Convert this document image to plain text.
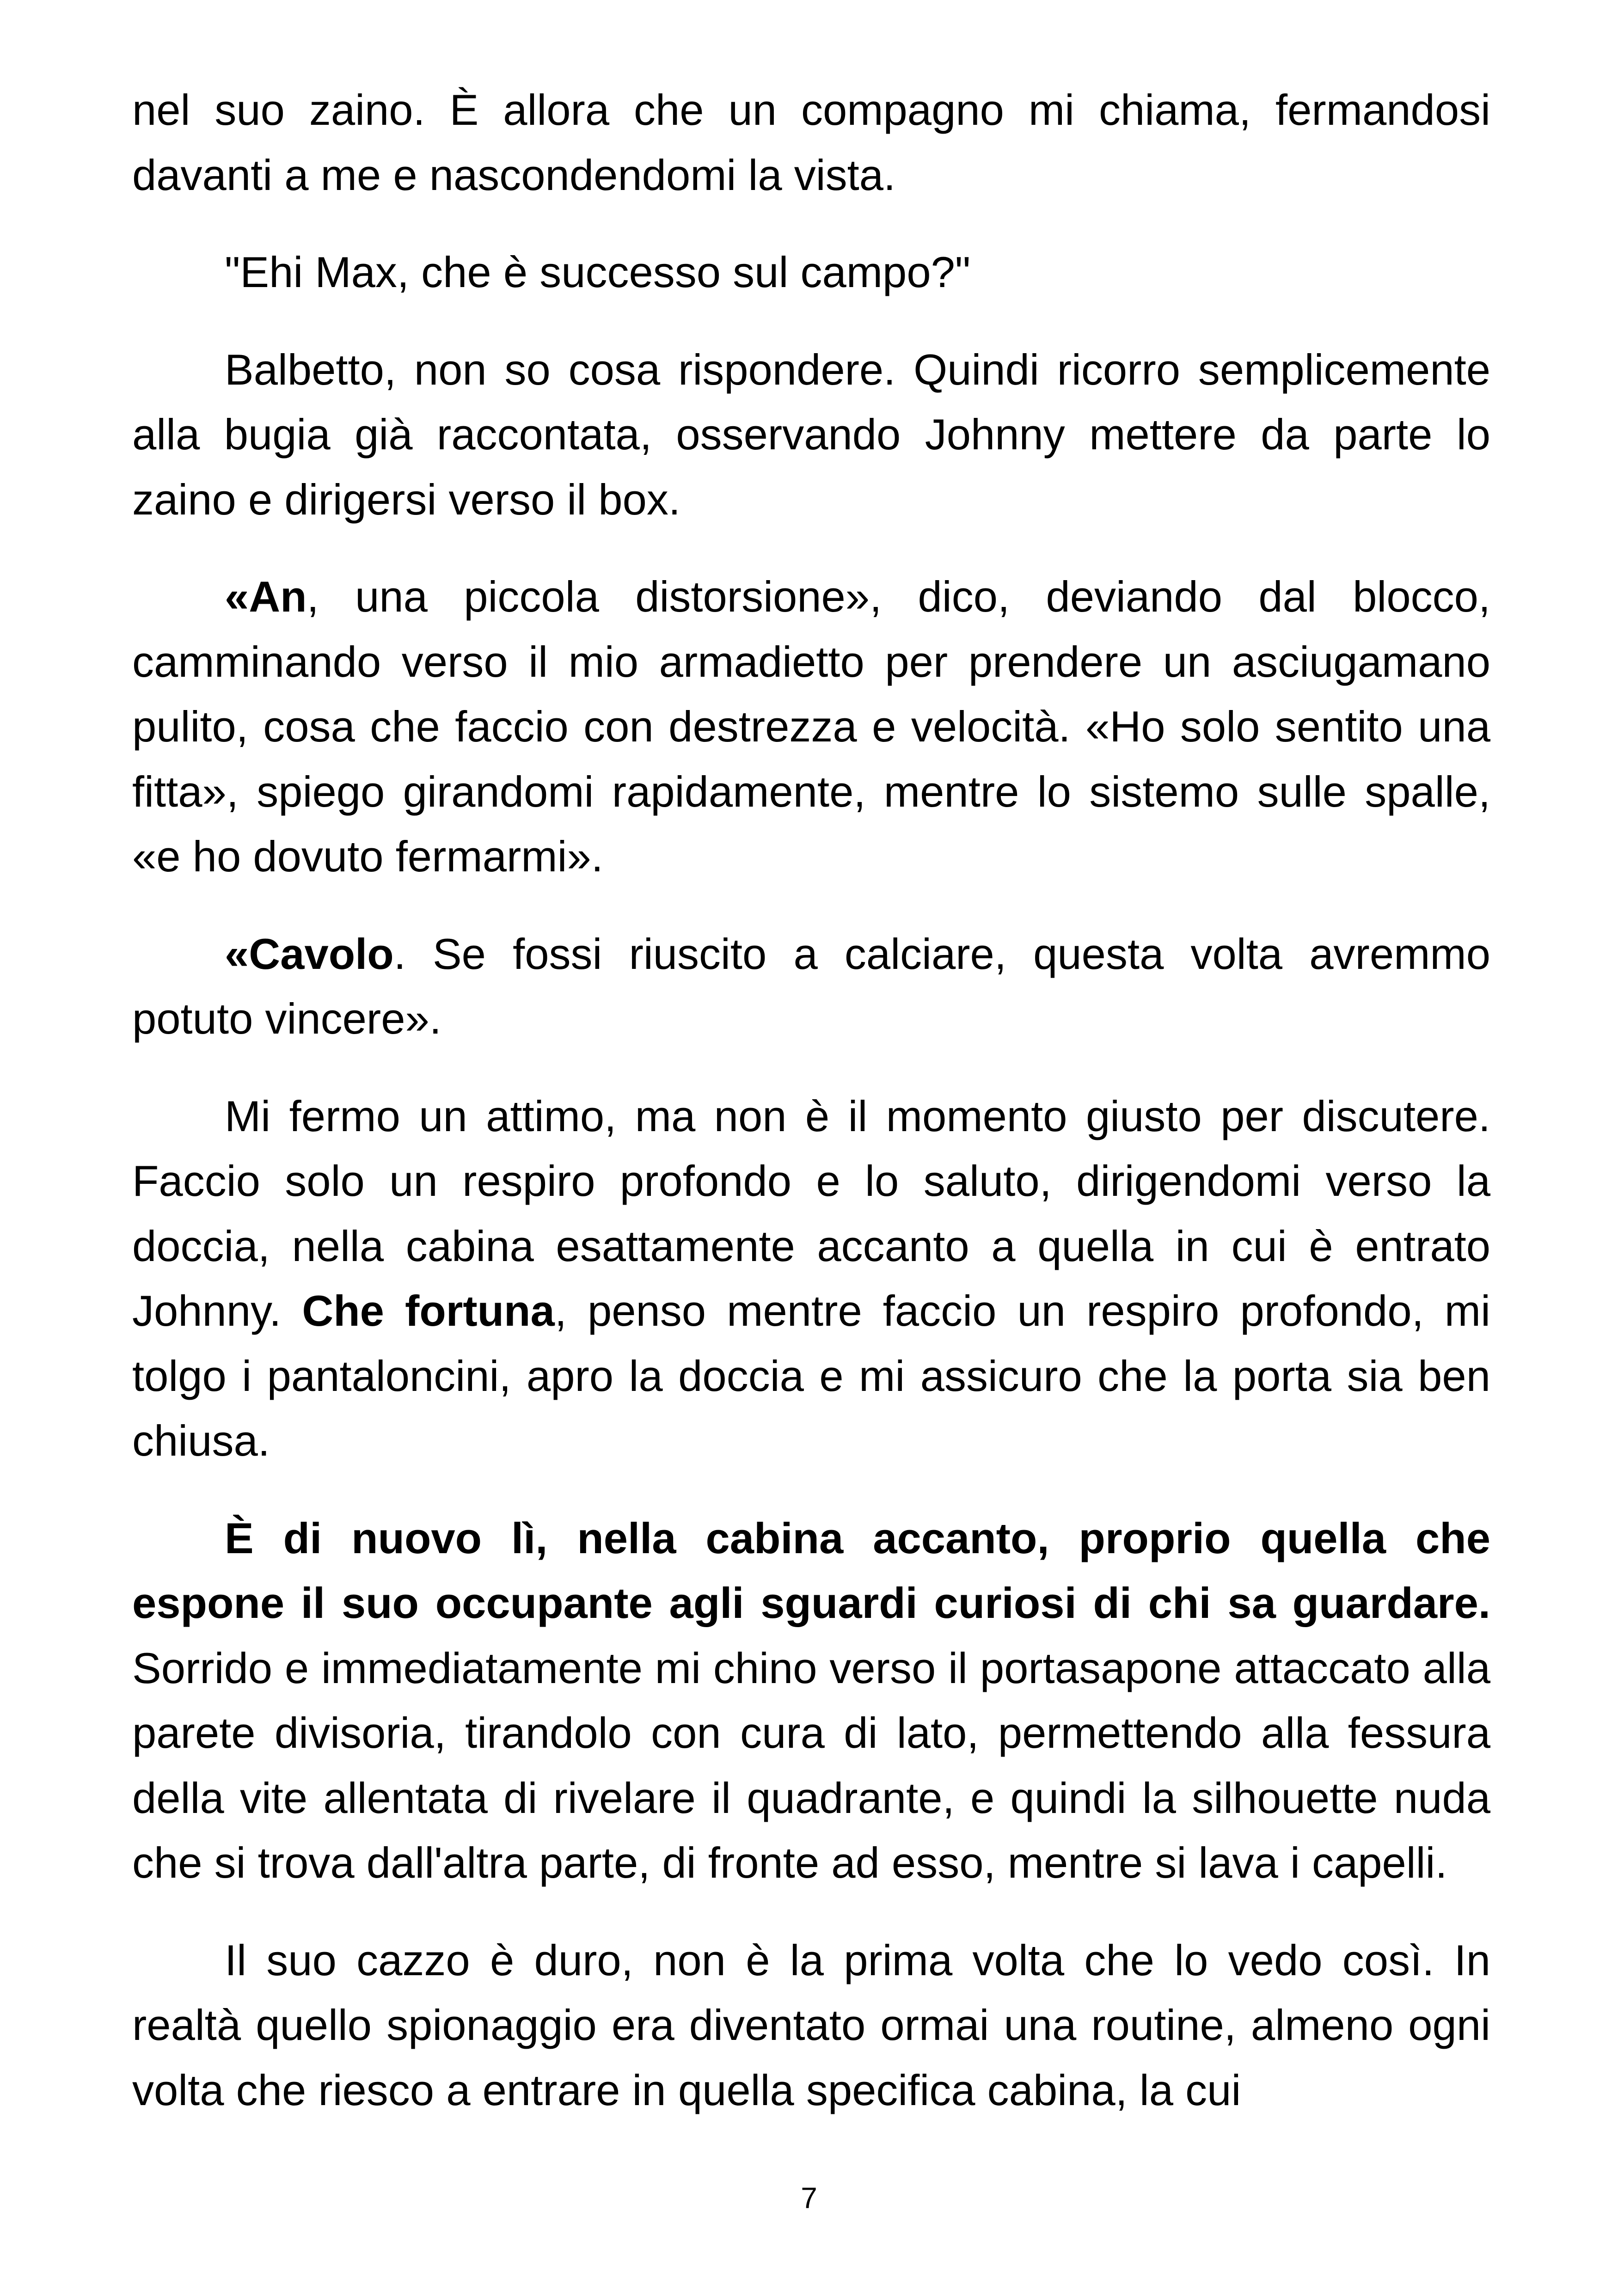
nel suo zaino. È allora che un compagno mi chiama, fermandosi davanti a me e nascondendomi la vista.

"Ehi Max, che è successo sul campo?"

Balbetto, non so cosa rispondere. Quindi ricorro semplicemente alla bugia già raccontata, osservando Johnny mettere da parte lo zaino e dirigersi verso il box.

«An, una piccola distorsione», dico, deviando dal blocco, camminando verso il mio armadietto per prendere un asciugamano pulito, cosa che faccio con destrezza e velocità. «Ho solo sentito una fitta», spiego girandomi rapidamente, mentre lo sistemo sulle spalle, «e ho dovuto fermarmi».

«Cavolo. Se fossi riuscito a calciare, questa volta avremmo potuto vincere».

Mi fermo un attimo, ma non è il momento giusto per discutere. Faccio solo un respiro profondo e lo saluto, dirigendomi verso la doccia, nella cabina esattamente accanto a quella in cui è entrato Johnny. Che fortuna, penso mentre faccio un respiro profondo, mi tolgo i pantaloncini, apro la doccia e mi assicuro che la porta sia ben chiusa.

È di nuovo lì, nella cabina accanto, proprio quella che espone il suo occupante agli sguardi curiosi di chi sa guardare. Sorrido e immediatamente mi chino verso il portasapone attaccato alla parete divisoria, tirandolo con cura di lato, permettendo alla fessura della vite allentata di rivelare il quadrante, e quindi la silhouette nuda che si trova dall'altra parte, di fronte ad esso, mentre si lava i capelli.

Il suo cazzo è duro, non è la prima volta che lo vedo così. In realtà quello spionaggio era diventato ormai una routine, almeno ogni volta che riesco a entrare in quella specifica cabina, la cui

7
